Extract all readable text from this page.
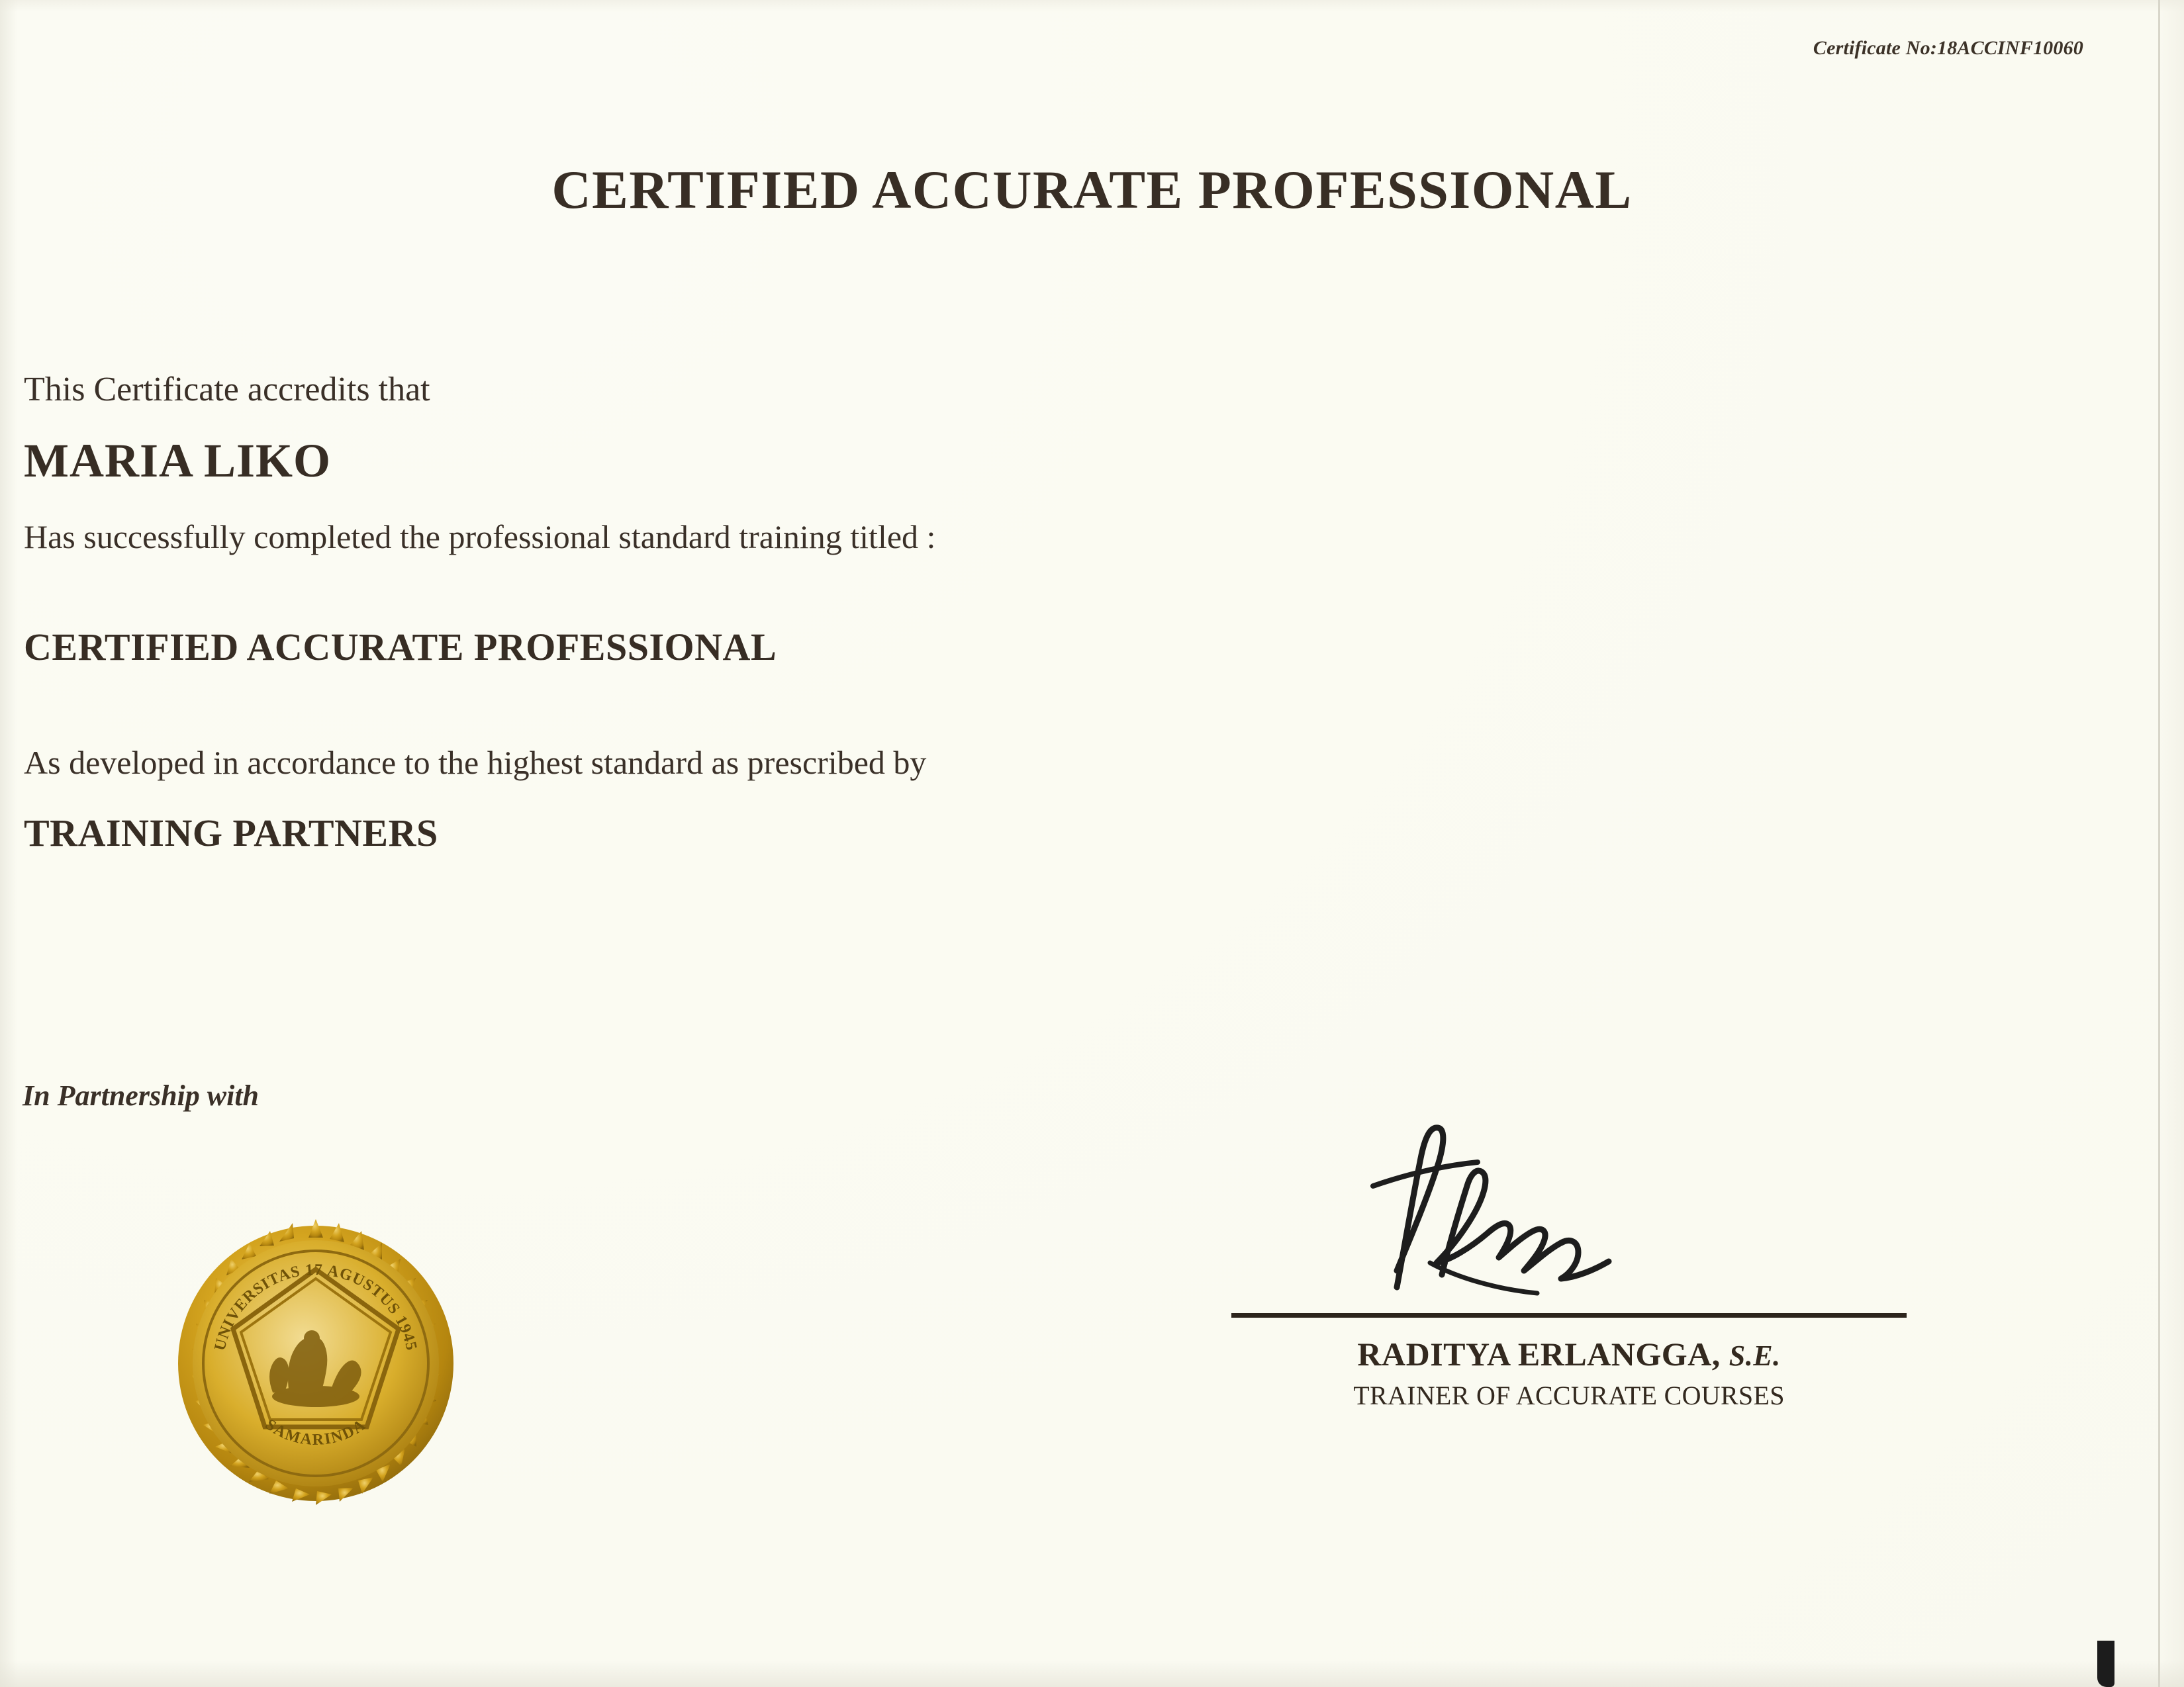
Certificate No:18ACCINF10060
CERTIFIED ACCURATE PROFESSIONAL
This Certificate accredits that
MARIA LIKO
Has successfully completed the professional standard training titled :
CERTIFIED ACCURATE PROFESSIONAL
As developed in accordance to the highest standard as prescribed by
TRAINING PARTNERS
In Partnership with
UNIVERSITAS 17 AGUSTUS 1945
SAMARINDA
RADITYA ERLANGGA, S.E.
TRAINER OF ACCURATE COURSES
